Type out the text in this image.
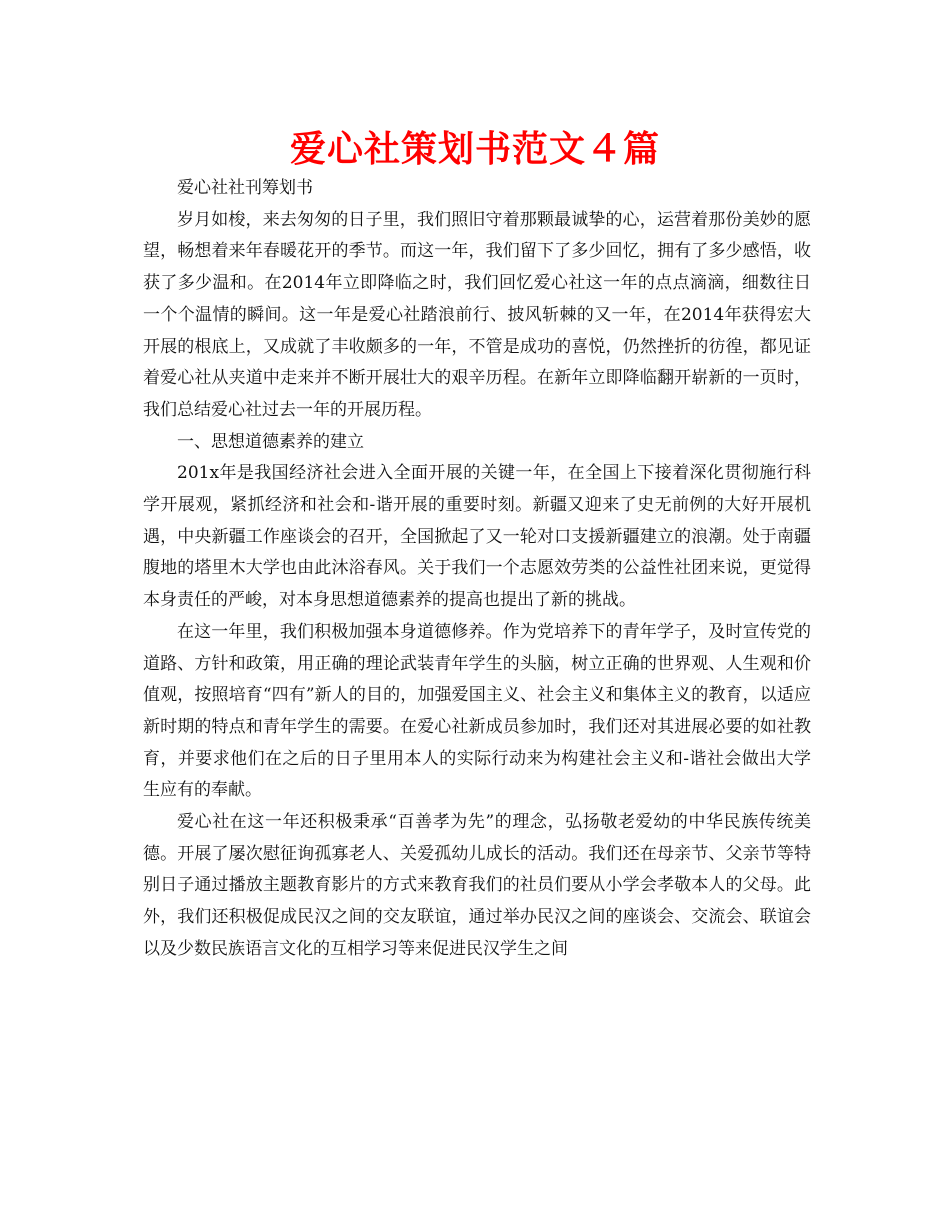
爱心社策划书范文４篇

爱心社社刊筹划书

岁月如梭，来去匆匆的日子里，我们照旧守着那颗最诚挚的心，运营着那份美妙的愿望，畅想着来年春暖花开的季节。而这一年，我们留下了多少回忆，拥有了多少感悟，收获了多少温和。在2014年立即降临之时，我们回忆爱心社这一年的点点滴滴，细数往日一个个温情的瞬间。这一年是爱心社踏浪前行、披风斩棘的又一年，在2014年获得宏大开展的根底上，又成就了丰收颇多的一年，不管是成功的喜悦，仍然挫折的彷徨，都见证着爱心社从夹道中走来并不断开展壮大的艰辛历程。在新年立即降临翻开崭新的一页时，我们总结爱心社过去一年的开展历程。

一、思想道德素养的建立

201x年是我国经济社会进入全面开展的关键一年，在全国上下接着深化贯彻施行科学开展观，紧抓经济和社会和-谐开展的重要时刻。新疆又迎来了史无前例的大好开展机遇，中央新疆工作座谈会的召开，全国掀起了又一轮对口支援新疆建立的浪潮。处于南疆腹地的塔里木大学也由此沐浴春风。关于我们一个志愿效劳类的公益性社团来说，更觉得本身责任的严峻，对本身思想道德素养的提高也提出了新的挑战。

在这一年里，我们积极加强本身道德修养。作为党培养下的青年学子，及时宣传党的道路、方针和政策，用正确的理论武装青年学生的头脑，树立正确的世界观、人生观和价值观，按照培育“四有”新人的目的，加强爱国主义、社会主义和集体主义的教育，以适应新时期的特点和青年学生的需要。在爱心社新成员参加时，我们还对其进展必要的如社教育，并要求他们在之后的日子里用本人的实际行动来为构建社会主义和-谐社会做出大学生应有的奉献。

爱心社在这一年还积极秉承“百善孝为先”的理念，弘扬敬老爱幼的中华民族传统美德。开展了屡次慰征询孤寡老人、关爱孤幼儿成长的活动。我们还在母亲节、父亲节等特别日子通过播放主题教育影片的方式来教育我们的社员们要从小学会孝敬本人的父母。此外，我们还积极促成民汉之间的交友联谊，通过举办民汉之间的座谈会、交流会、联谊会以及少数民族语言文化的互相学习等来促进民汉学生之间
